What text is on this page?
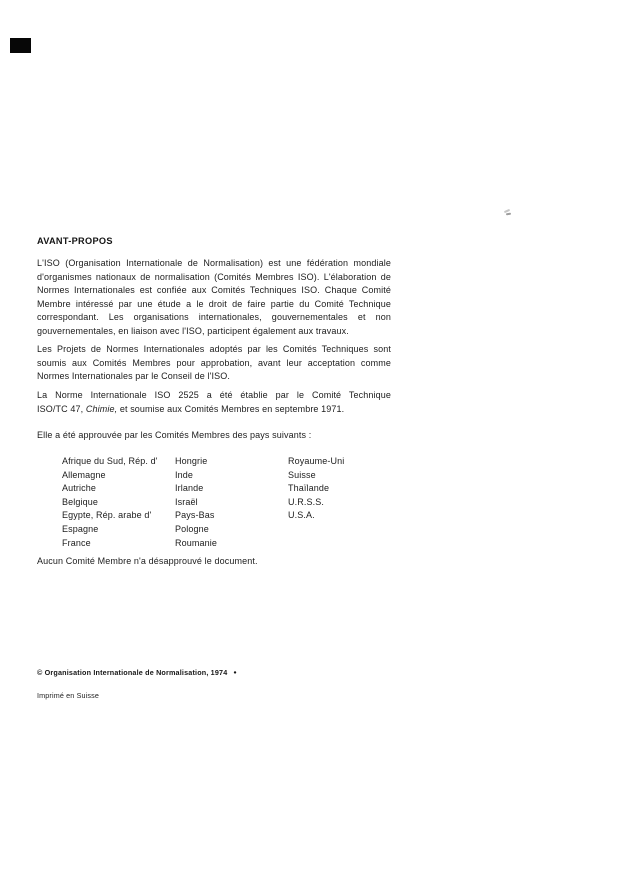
AVANT-PROPOS
L'ISO (Organisation Internationale de Normalisation) est une fédération mondiale
d'organismes nationaux de normalisation (Comités Membres ISO). L'élaboration de
Normes Internationales est confiée aux Comités Techniques ISO. Chaque Comité
Membre intéressé par une étude a le droit de faire partie du Comité Technique
correspondant. Les organisations internationales, gouvernementales et non
gouvernementales, en liaison avec l'ISO, participent également aux travaux.
Les Projets de Normes Internationales adoptés par les Comités Techniques sont
soumis aux Comités Membres pour approbation, avant leur acceptation comme
Normes Internationales par le Conseil de l'ISO.
La Norme Internationale ISO 2525 a été établie par le Comité Technique
ISO/TC 47, Chimie, et soumise aux Comités Membres en septembre 1971.
Elle a été approuvée par les Comités Membres des pays suivants :
Afrique du Sud, Rép. d'
Allemagne
Autriche
Belgique
Egypte, Rép. arabe d'
Espagne
France
Hongrie
Inde
Irlande
Israël
Pays-Bas
Pologne
Roumanie
Royaume-Uni
Suisse
Thaïlande
U.R.S.S.
U.S.A.
Aucun Comité Membre n'a désapprouvé le document.
© Organisation Internationale de Normalisation, 1974 ●
Imprimé en Suisse
